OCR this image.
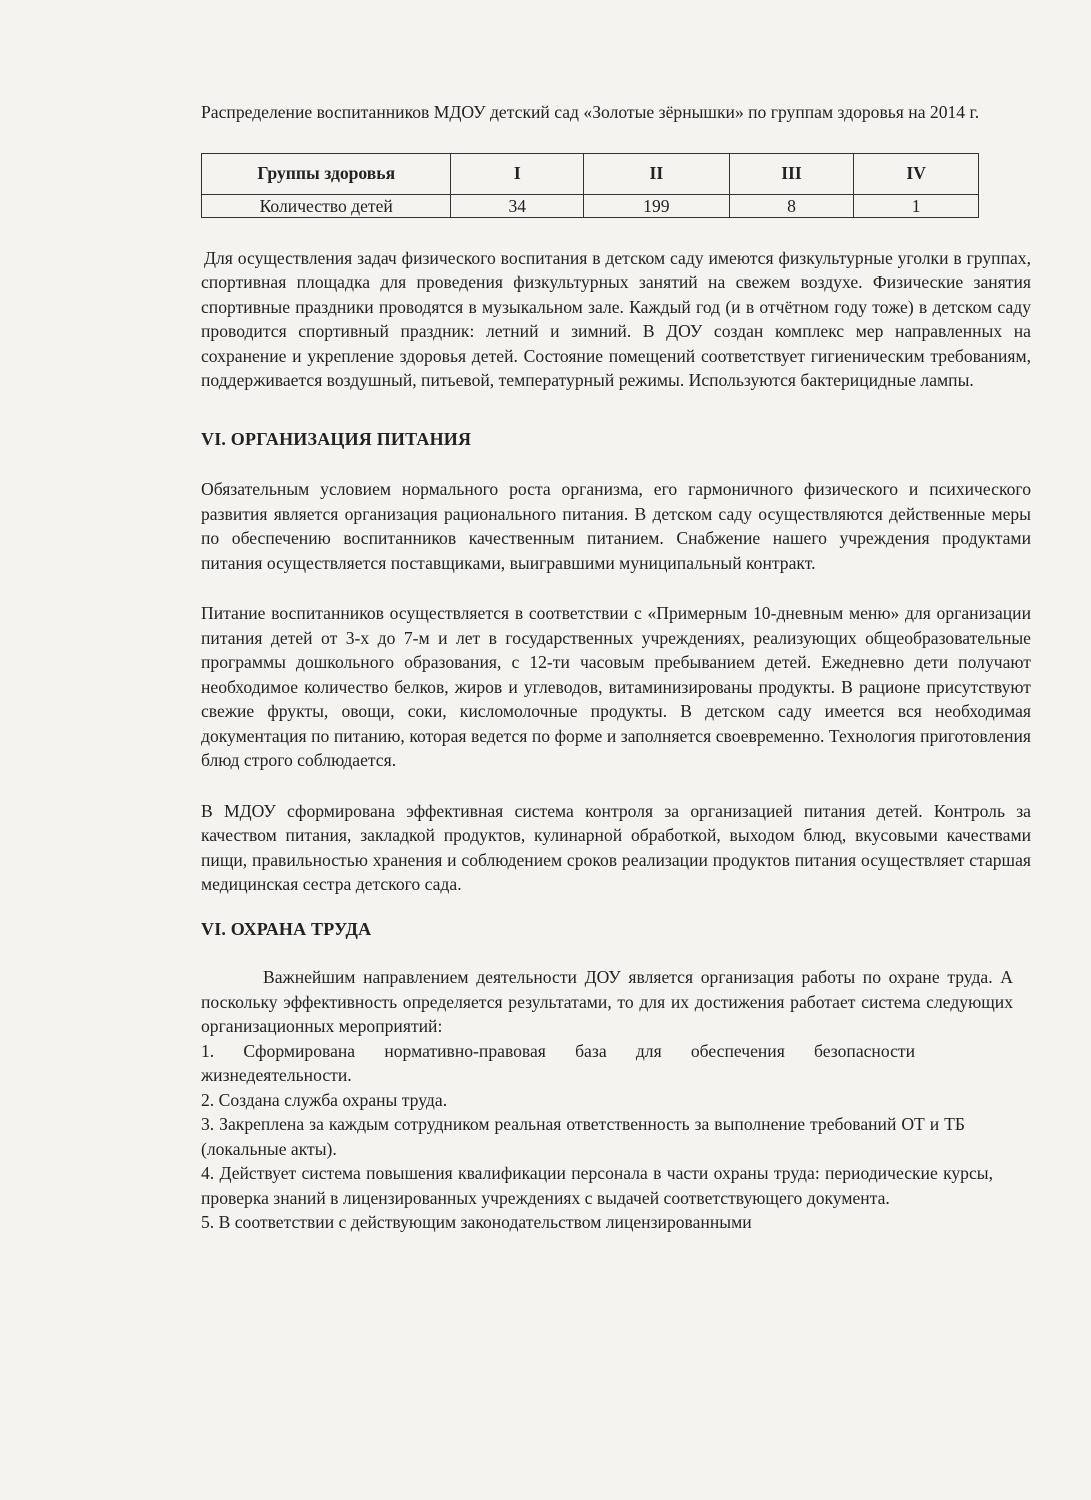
Распределение воспитанников МДОУ детский сад «Золотые зёрнышки» по группам здоровья на 2014 г.

Группы здоровья	I	II	III	IV
Количество детей	34	199	8	1

Для осуществления задач физического воспитания в детском саду имеются физкультурные уголки в группах, спортивная площадка для проведения физкультурных занятий на свежем воздухе. Физические занятия спортивные праздники проводятся в музыкальном зале. Каждый год (и в отчётном году тоже) в детском саду проводится спортивный праздник: летний и зимний. В ДОУ создан комплекс мер направленных на сохранение и укрепление здоровья детей. Состояние помещений соответствует гигиеническим требованиям, поддерживается воздушный, питьевой, температурный режимы. Используются бактерицидные лампы.

VI. ОРГАНИЗАЦИЯ ПИТАНИЯ

Обязательным условием нормального роста организма, его гармоничного физического и психического развития является организация рационального питания. В детском саду осуществляются действенные меры по обеспечению воспитанников качественным питанием. Снабжение нашего учреждения продуктами питания осуществляется поставщиками, выигравшими муниципальный контракт.

Питание воспитанников осуществляется в соответствии с «Примерным 10-дневным меню» для организации питания детей от 3-х до 7-м и лет в государственных учреждениях, реализующих общеобразовательные программы дошкольного образования, с 12-ти часовым пребыванием детей. Ежедневно дети получают необходимое количество белков, жиров и углеводов, витаминизированы продукты. В рационе присутствуют свежие фрукты, овощи, соки, кисломолочные продукты. В детском саду имеется вся необходимая документация по питанию, которая ведется по форме и заполняется своевременно. Технология приготовления блюд строго соблюдается.

В МДОУ сформирована эффективная система контроля за организацией питания детей. Контроль за качеством питания, закладкой продуктов, кулинарной обработкой, выходом блюд, вкусовыми качествами пищи, правильностью хранения и соблюдением сроков реализации продуктов питания осуществляет старшая медицинская сестра детского сада.

VI. ОХРАНА ТРУДА

Важнейшим направлением деятельности ДОУ является организация работы по охране труда. А поскольку эффективность определяется результатами, то для их достижения работает система следующих организационных мероприятий:

1. Сформирована нормативно-правовая база для обеспечения безопасности жизнедеятельности.

2. Создана служба охраны труда.

3. Закреплена за каждым сотрудником реальная ответственность за выполнение требований ОТ и ТБ (локальные акты).

4. Действует система повышения квалификации персонала в части охраны труда: периодические курсы, проверка знаний в лицензированных учреждениях с выдачей соответствующего документа.

5. В соответствии с действующим законодательством лицензированными
